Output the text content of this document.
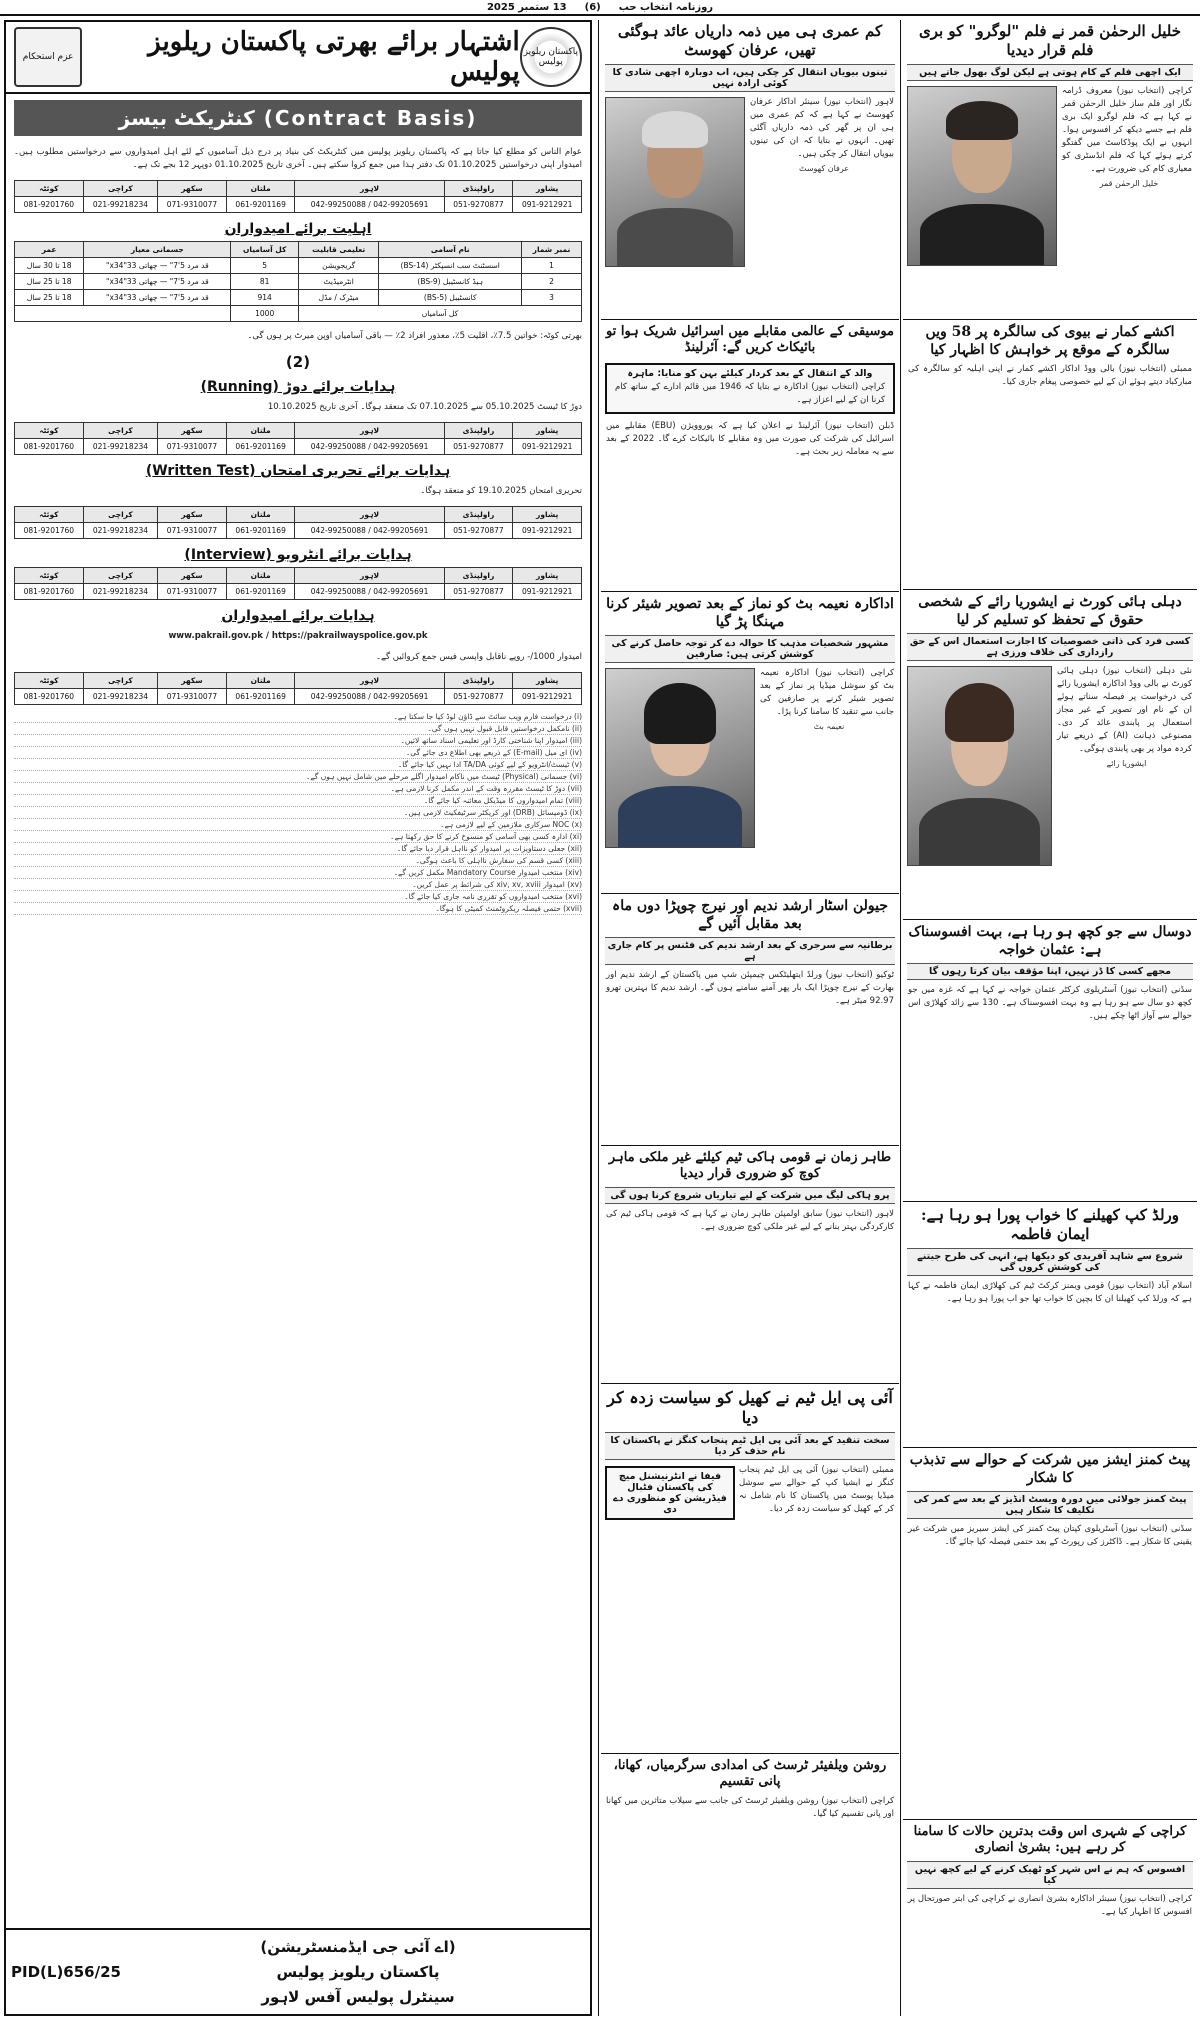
روزنامہ انتخاب حب
(6)
13 ستمبر 2025
پاکستان ریلویز پولیس
اشتہار برائے بھرتی پاکستان ریلویز پولیس
عزم استحکام
(Contract Basis) کنٹریکٹ بیسز
عوام الناس کو مطلع کیا جاتا ہے کہ پاکستان ریلویز پولیس میں کنٹریکٹ کی بنیاد پر درج ذیل آسامیوں کے لئے اہل امیدواروں سے درخواستیں مطلوب ہیں۔ امیدوار اپنی درخواستیں 01.10.2025 تک دفتر ہذا میں جمع کروا سکتے ہیں۔ آخری تاریخ 01.10.2025 دوپہر 12 بجے تک ہے۔
پشاور	راولپنڈی	لاہور	ملتان	سکھر	کراچی	کوئٹہ
091-9212921	051-9270877	042-99205691 / 042-99250088	061-9201169	071-9310077	021-99218234	081-9201760
اہلیت برائے امیدواران
نمبر شمار	نام آسامی	تعلیمی قابلیت	کل آسامیاں	جسمانی معیار	عمر
1	اسسٹنٹ سب انسپکٹر (BS-14)	گریجویشن	5	قد مرد 5'7" — چھاتی 33"x34"	18 تا 30 سال
2	ہیڈ کانسٹیبل (BS-9)	انٹرمیڈیٹ	81	قد مرد 5'7" — چھاتی 33"x34"	18 تا 25 سال
3	کانسٹیبل (BS-5)	میٹرک / مڈل	914	قد مرد 5'7" — چھاتی 33"x34"	18 تا 25 سال
کل آسامیاں			1000		
بھرتی کوٹہ: خواتین 7.5٪، اقلیت 5٪، معذور افراد 2٪ — باقی آسامیاں اوپن میرٹ پر ہوں گی۔
(2)
ہدایات برائے دوڑ (Running)
دوڑ کا ٹیسٹ 05.10.2025 سے 07.10.2025 تک منعقد ہوگا۔ آخری تاریخ 10.10.2025
پشاور	راولپنڈی	لاہور	ملتان	سکھر	کراچی	کوئٹہ
091-9212921	051-9270877	042-99205691 / 042-99250088	061-9201169	071-9310077	021-99218234	081-9201760
ہدایات برائے تحریری امتحان (Written Test)
تحریری امتحان 19.10.2025 کو منعقد ہوگا۔
پشاور	راولپنڈی	لاہور	ملتان	سکھر	کراچی	کوئٹہ
091-9212921	051-9270877	042-99205691 / 042-99250088	061-9201169	071-9310077	021-99218234	081-9201760
ہدایات برائے انٹرویو (Interview)
پشاور	راولپنڈی	لاہور	ملتان	سکھر	کراچی	کوئٹہ
091-9212921	051-9270877	042-99205691 / 042-99250088	061-9201169	071-9310077	021-99218234	081-9201760
ہدایات برائے امیدواران
www.pakrail.gov.pk / https://pakrailwayspolice.gov.pk
امیدوار 1000/- روپے ناقابل واپسی فیس جمع کروائیں گے۔
پشاور	راولپنڈی	لاہور	ملتان	سکھر	کراچی	کوئٹہ
091-9212921	051-9270877	042-99205691 / 042-99250088	061-9201169	071-9310077	021-99218234	081-9201760
(i) درخواست فارم ویب سائٹ سے ڈاؤن لوڈ کیا جا سکتا ہے۔
(ii) نامکمل درخواستیں قابل قبول نہیں ہوں گی۔
(iii) امیدوار اپنا شناختی کارڈ اور تعلیمی اسناد ساتھ لائیں۔
(iv) ای میل (E-mail) کے ذریعے بھی اطلاع دی جائے گی۔
(v) ٹیسٹ/انٹرویو کے لیے کوئی TA/DA ادا نہیں کیا جائے گا۔
(vi) جسمانی (Physical) ٹیسٹ میں ناکام امیدوار اگلے مرحلے میں شامل نہیں ہوں گے۔
(vii) دوڑ کا ٹیسٹ مقررہ وقت کے اندر مکمل کرنا لازمی ہے۔
(viii) تمام امیدواروں کا میڈیکل معائنہ کیا جائے گا۔
(ix) ڈومیسائل (DRB) اور کریکٹر سرٹیفکیٹ لازمی ہیں۔
(x) NOC سرکاری ملازمین کے لیے لازمی ہے۔
(xi) ادارہ کسی بھی آسامی کو منسوخ کرنے کا حق رکھتا ہے۔
(xii) جعلی دستاویزات پر امیدوار کو نااہل قرار دیا جائے گا۔
(xiii) کسی قسم کی سفارش نااہلی کا باعث ہوگی۔
(xiv) منتخب امیدوار Mandatory Course مکمل کریں گے۔
(xv) امیدوار xiv, xv, xviii کی شرائط پر عمل کریں۔
(xvi) منتخب امیدواروں کو تقرری نامہ جاری کیا جائے گا۔
(xvii) حتمی فیصلہ ریکروٹمنٹ کمیٹی کا ہوگا۔
(اے آئی جی ایڈمنسٹریشن)
پاکستان ریلویز پولیس
سینٹرل پولیس آفس لاہور
PID(L)656/25
خلیل الرحمٰن قمر نے فلم "لوگرو" کو بری فلم قرار دیدیا
ایک اچھی فلم کے کام ہوتی ہے لیکن لوگ بھول جاتے ہیں
کراچی (انتخاب نیوز) معروف ڈرامہ نگار اور فلم ساز خلیل الرحمٰن قمر نے کہا ہے کہ فلم لوگرو ایک بری فلم ہے جسے دیکھ کر افسوس ہوا۔ انہوں نے ایک پوڈکاسٹ میں گفتگو کرتے ہوئے کہا کہ فلم انڈسٹری کو معیاری کام کی ضرورت ہے۔
خلیل الرحمٰن قمر
اکشے کمار نے بیوی کی سالگرہ پر 58 ویں سالگرہ کے موقع پر خواہش کا اظہار کیا
ممبئی (انتخاب نیوز) بالی ووڈ اداکار اکشے کمار نے اپنی اہلیہ کو سالگرہ کی مبارکباد دیتے ہوئے ان کے لیے خصوصی پیغام جاری کیا۔
دہلی ہائی کورٹ نے ایشوریا رائے کے شخصی حقوق کے تحفظ کو تسلیم کر لیا
کسی فرد کی ذاتی خصوصیات کا اجازت استعمال اس کے حق رازداری کی خلاف ورزی ہے
نئی دہلی (انتخاب نیوز) دہلی ہائی کورٹ نے بالی ووڈ اداکارہ ایشوریا رائے کی درخواست پر فیصلہ سناتے ہوئے ان کے نام اور تصویر کے غیر مجاز استعمال پر پابندی عائد کر دی۔ مصنوعی ذہانت (AI) کے ذریعے تیار کردہ مواد پر بھی پابندی ہوگی۔
ایشوریا رائے
دوسال سے جو کچھ ہو رہا ہے، بہت افسوسناک ہے: عثمان خواجہ
مجھے کسی کا ڈر نہیں، اپنا مؤقف بیان کرتا رہوں گا
سڈنی (انتخاب نیوز) آسٹریلوی کرکٹر عثمان خواجہ نے کہا ہے کہ غزہ میں جو کچھ دو سال سے ہو رہا ہے وہ بہت افسوسناک ہے۔ 130 سے زائد کھلاڑی اس حوالے سے آواز اٹھا چکے ہیں۔
ورلڈ کپ کھیلنے کا خواب پورا ہو رہا ہے: ایمان فاطمہ
شروع سے شاہد آفریدی کو دیکھا ہے، انہی کی طرح جیتنے کی کوشش کروں گی
اسلام آباد (انتخاب نیوز) قومی ویمنز کرکٹ ٹیم کی کھلاڑی ایمان فاطمہ نے کہا ہے کہ ورلڈ کپ کھیلنا ان کا بچپن کا خواب تھا جو اب پورا ہو رہا ہے۔
پیٹ کمنز ایشز میں شرکت کے حوالے سے تذبذب کا شکار
پیٹ کمنز جولائی میں دورہ ویسٹ انڈیز کے بعد سے کمر کی تکلیف کا شکار ہیں
سڈنی (انتخاب نیوز) آسٹریلوی کپتان پیٹ کمنز کی ایشز سیریز میں شرکت غیر یقینی کا شکار ہے۔ ڈاکٹرز کی رپورٹ کے بعد حتمی فیصلہ کیا جائے گا۔
کراچی کے شہری اس وقت بدترین حالات کا سامنا کر رہے ہیں: بشریٰ انصاری
افسوس کہ ہم نے اس شہر کو ٹھیک کرنے کے لیے کچھ نہیں کیا
کراچی (انتخاب نیوز) سینئر اداکارہ بشریٰ انصاری نے کراچی کی ابتر صورتحال پر افسوس کا اظہار کیا ہے۔
کم عمری ہی میں ذمہ داریاں عائد ہوگئی تھیں، عرفان کھوسٹ
تینوں بیویاں انتقال کر چکی ہیں، اب دوبارہ اچھی شادی کا کوئی ارادہ نہیں
لاہور (انتخاب نیوز) سینئر اداکار عرفان کھوسٹ نے کہا ہے کہ کم عمری میں ہی ان پر گھر کی ذمہ داریاں آگئی تھیں۔ انہوں نے بتایا کہ ان کی تینوں بیویاں انتقال کر چکی ہیں۔
عرفان کھوسٹ
موسیقی کے عالمی مقابلے میں اسرائیل شریک ہوا تو بائیکاٹ کریں گے: آئرلینڈ
والد کے انتقال کے بعد کردار کیلئے بہن کو منایا: ماہرہ
کراچی (انتخاب نیوز) اداکارہ نے بتایا کہ 1946 میں قائم ادارے کے ساتھ کام کرنا ان کے لیے اعزاز ہے۔
ڈبلن (انتخاب نیوز) آئرلینڈ نے اعلان کیا ہے کہ یوروویژن (EBU) مقابلے میں اسرائیل کی شرکت کی صورت میں وہ مقابلے کا بائیکاٹ کرے گا۔ 2022 کے بعد سے یہ معاملہ زیر بحث ہے۔
اداکارہ نعیمہ بٹ کو نماز کے بعد تصویر شیئر کرنا مہنگا پڑ گیا
مشہور شخصیات مذہب کا حوالہ دے کر توجہ حاصل کرنے کی کوشش کرتی ہیں: صارفین
کراچی (انتخاب نیوز) اداکارہ نعیمہ بٹ کو سوشل میڈیا پر نماز کے بعد تصویر شیئر کرنے پر صارفین کی جانب سے تنقید کا سامنا کرنا پڑا۔
نعیمہ بٹ
جیولن اسٹار ارشد ندیم اور نیرج چوپڑا دوں ماہ بعد مقابل آئیں گے
برطانیہ سے سرجری کے بعد ارشد ندیم کی فٹنس پر کام جاری ہے
ٹوکیو (انتخاب نیوز) ورلڈ ایتھلیٹکس چیمپئن شپ میں پاکستان کے ارشد ندیم اور بھارت کے نیرج چوپڑا ایک بار پھر آمنے سامنے ہوں گے۔ ارشد ندیم کا بہترین تھرو 92.97 میٹر ہے۔
طاہر زمان نے قومی ہاکی ٹیم کیلئے غیر ملکی ماہر کوچ کو ضروری قرار دیدیا
پرو ہاکی لیگ میں شرکت کے لیے تیاریاں شروع کرنا ہوں گی
لاہور (انتخاب نیوز) سابق اولمپئن طاہر زمان نے کہا ہے کہ قومی ہاکی ٹیم کی کارکردگی بہتر بنانے کے لیے غیر ملکی کوچ ضروری ہے۔
آئی پی ایل ٹیم نے کھیل کو سیاست زدہ کر دیا
سخت تنقید کے بعد آئی پی ایل ٹیم پنجاب کنگز نے پاکستان کا نام حذف کر دیا
فیفا نے انٹرنیشنل میچ کی پاکستان فٹبال فیڈریشن کو منظوری دے دی
ممبئی (انتخاب نیوز) آئی پی ایل ٹیم پنجاب کنگز نے ایشیا کپ کے حوالے سے سوشل میڈیا پوسٹ میں پاکستان کا نام شامل نہ کر کے کھیل کو سیاست زدہ کر دیا۔
روشن ویلفیئر ٹرسٹ کی امدادی سرگرمیاں، کھانا، پانی تقسیم
کراچی (انتخاب نیوز) روشن ویلفیئر ٹرسٹ کی جانب سے سیلاب متاثرین میں کھانا اور پانی تقسیم کیا گیا۔
